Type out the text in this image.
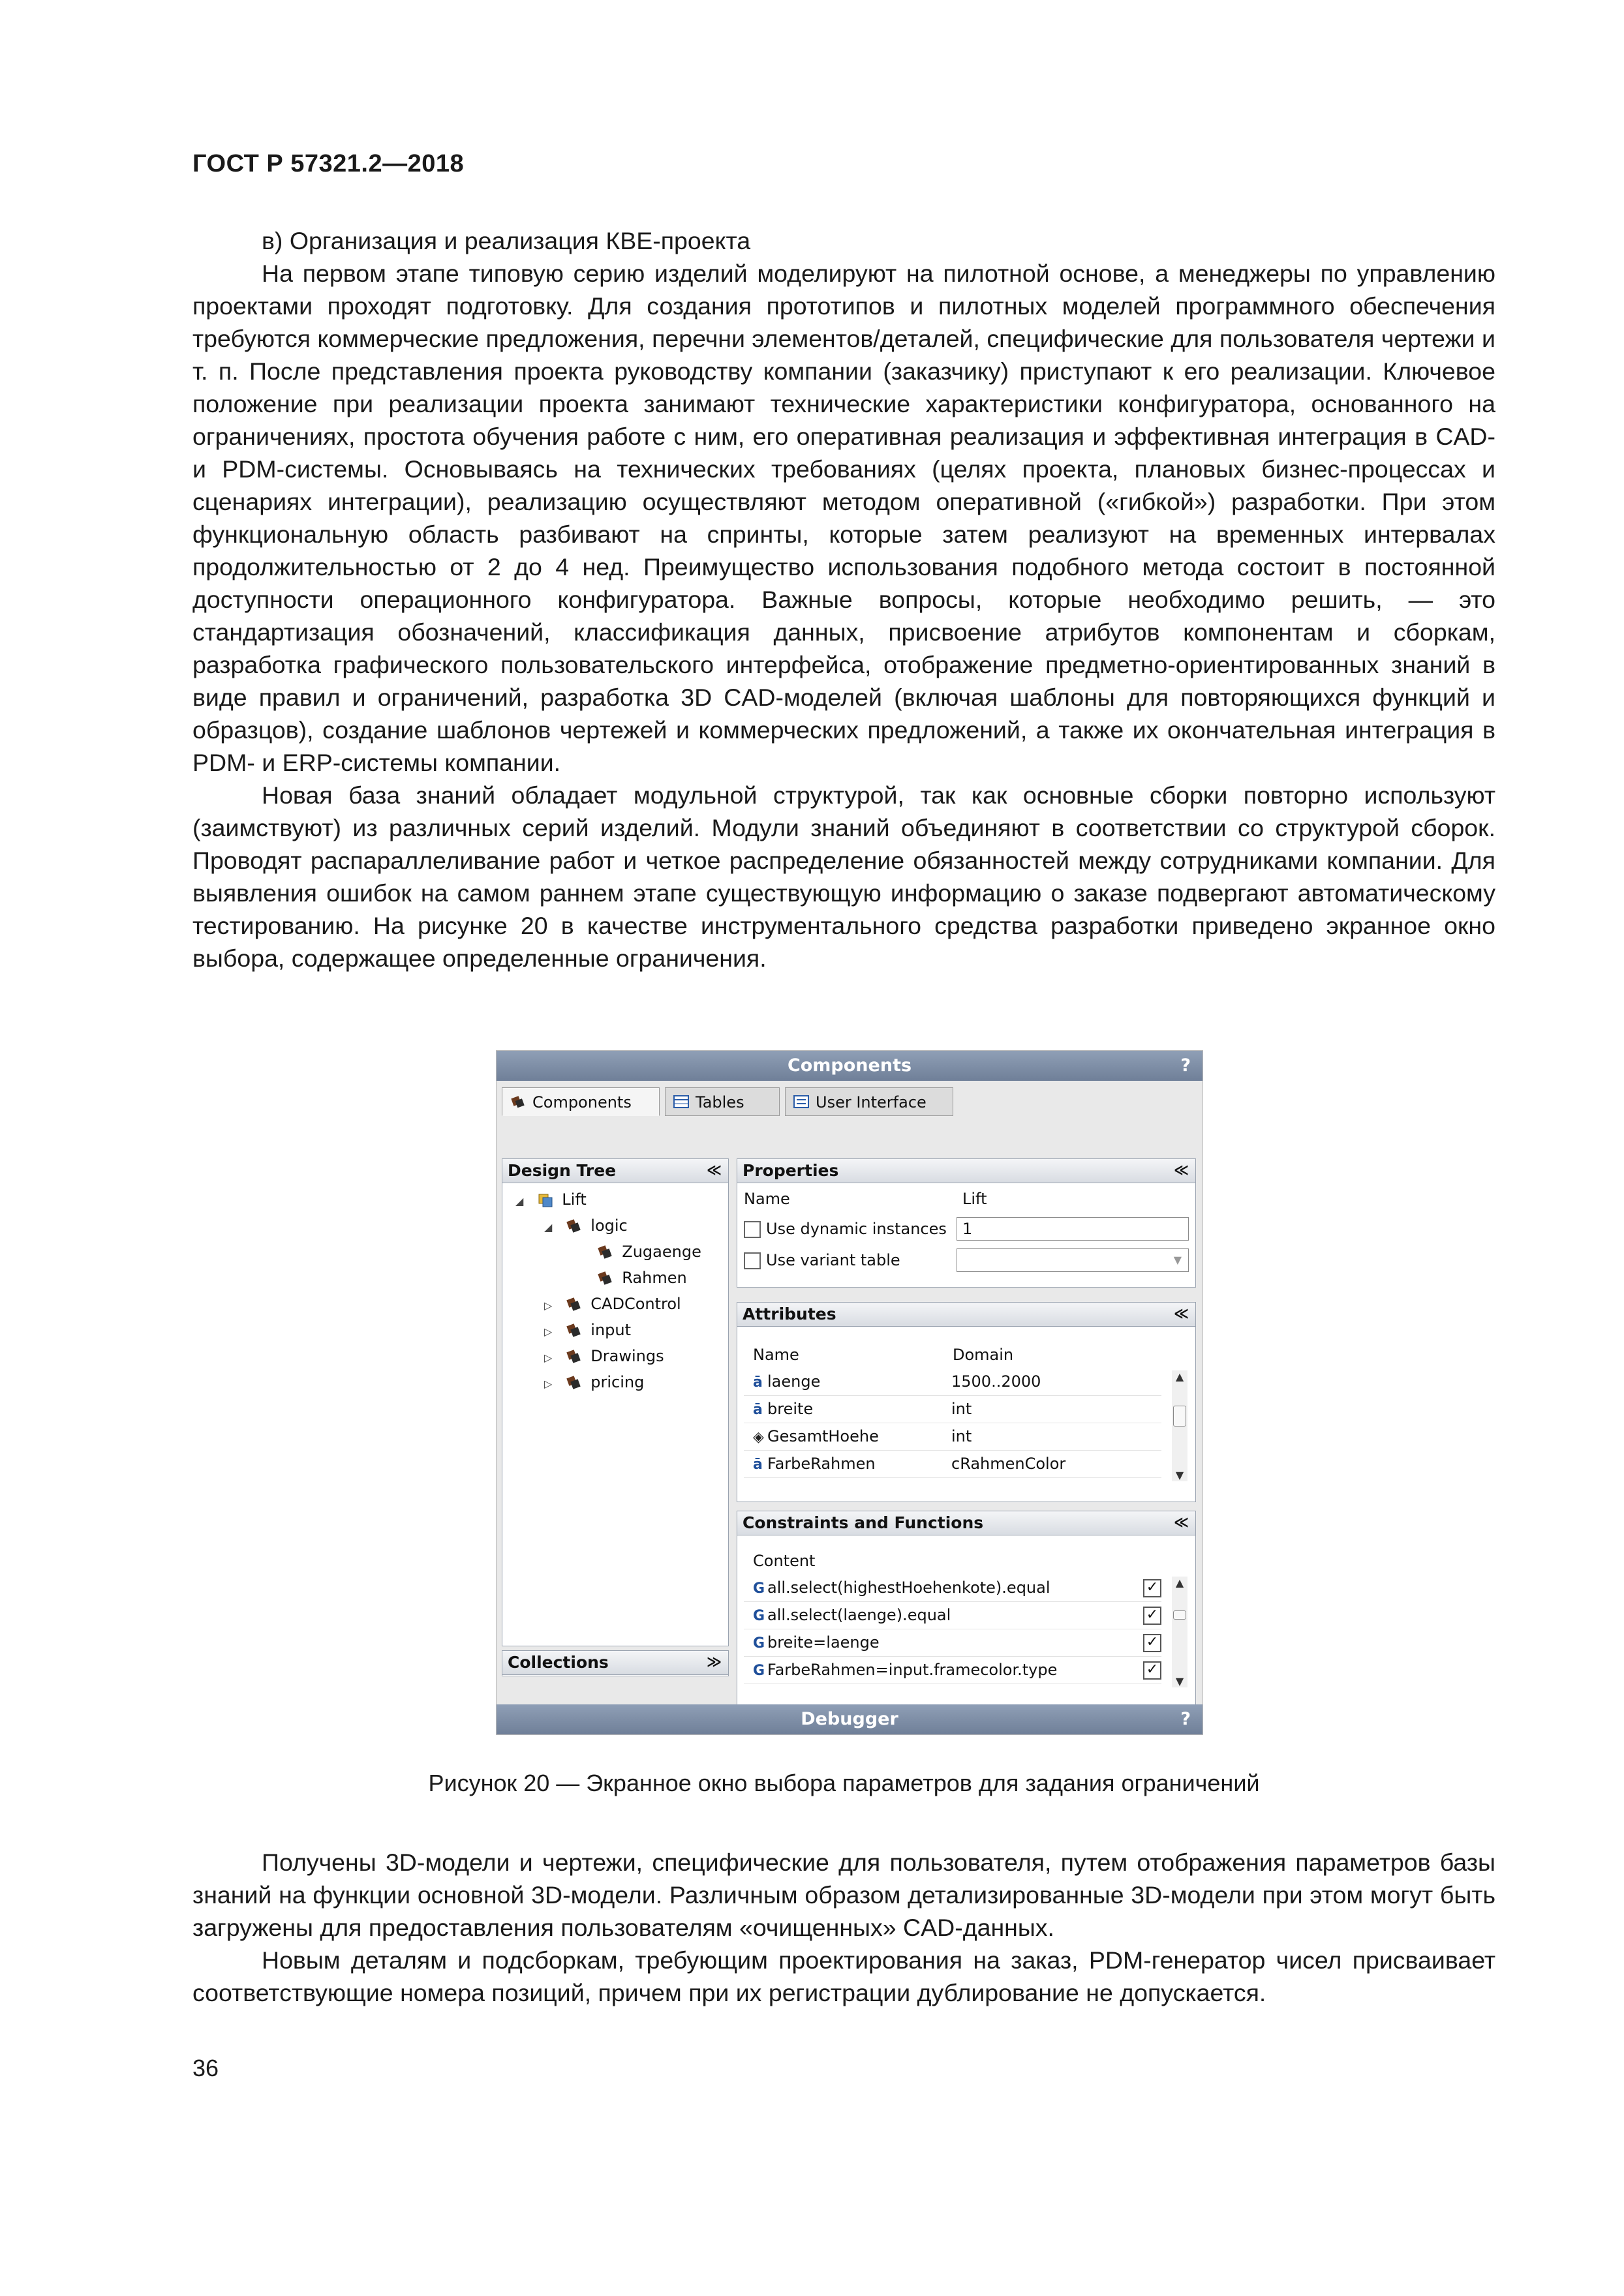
ГОСТ Р 57321.2—2018

в) Организация и реализация КВЕ-проекта

На первом этапе типовую серию изделий моделируют на пилотной основе, а менеджеры по управлению проектами проходят подготовку. Для создания прототипов и пилотных моделей программного обеспечения требуются коммерческие предложения, перечни элементов/деталей, специфические для пользователя чертежи и т. п. После представления проекта руководству компании (заказчику) приступают к его реализации. Ключевое положение при реализации проекта занимают технические характеристики конфигуратора, основанного на ограничениях, простота обучения работе с ним, его оперативная реализация и эффективная интеграция в CAD- и PDM-системы. Основываясь на технических требованиях (целях проекта, плановых бизнес-процессах и сценариях интеграции), реализацию осуществляют методом оперативной («гибкой») разработки. При этом функциональную область разбивают на спринты, которые затем реализуют на временных интервалах продолжительностью от 2 до 4 нед. Преимущество использования подобного метода состоит в постоянной доступности операционного конфигуратора. Важные вопросы, которые необходимо решить, — это стандартизация обозначений, классификация данных, присвоение атрибутов компонентам и сборкам, разработка графического пользовательского интерфейса, отображение предметно-ориентированных знаний в виде правил и ограничений, разработка 3D CAD-моделей (включая шаблоны для повторяющихся функций и образцов), создание шаблонов чертежей и коммерческих предложений, а также их окончательная интеграция в PDM- и ERP-системы компании.

Новая база знаний обладает модульной структурой, так как основные сборки повторно используют (заимствуют) из различных серий изделий. Модули знаний объединяют в соответствии со структурой сборок. Проводят распараллеливание работ и четкое распределение обязанностей между сотрудниками компании. Для выявления ошибок на самом раннем этапе существующую информацию о заказе подвергают автоматическому тестированию. На рисунке 20 в качестве инструментального средства разработки приведено экранное окно выбора, содержащее определенные ограничения.

Components	?
Components	Tables	User Interface
Design Tree	≪
◢ Lift
◢ logic
Zugaenge
Rahmen
▷ CADControl
▷ input
▷ Drawings
▷ pricing
Collections	≫
Properties	≪
Name	Lift
Use dynamic instances	1
Use variant table	▼
Attributes	≪
Name	Domain
ā laenge	1500..2000
ā breite	int
◈ GesamtHoehe	int
ā FarbeRahmen	cRahmenColor
▲
▼
Constraints and Functions	≪
Content
G all.select(highestHoehenkote).equal	✓
G all.select(laenge).equal	✓
G breite=laenge	✓
G FarbeRahmen=input.framecolor.type	✓
▲
▼
Debugger	?
Рисунок 20 — Экранное окно выбора параметров для задания ограничений

Получены 3D-модели и чертежи, специфические для пользователя, путем отображения параметров базы знаний на функции основной 3D-модели. Различным образом детализированные 3D-модели при этом могут быть загружены для предоставления пользователям «очищенных» CAD-данных.

Новым деталям и подсборкам, требующим проектирования на заказ, PDM-генератор чисел присваивает соответствующие номера позиций, причем при их регистрации дублирование не допускается.

36
